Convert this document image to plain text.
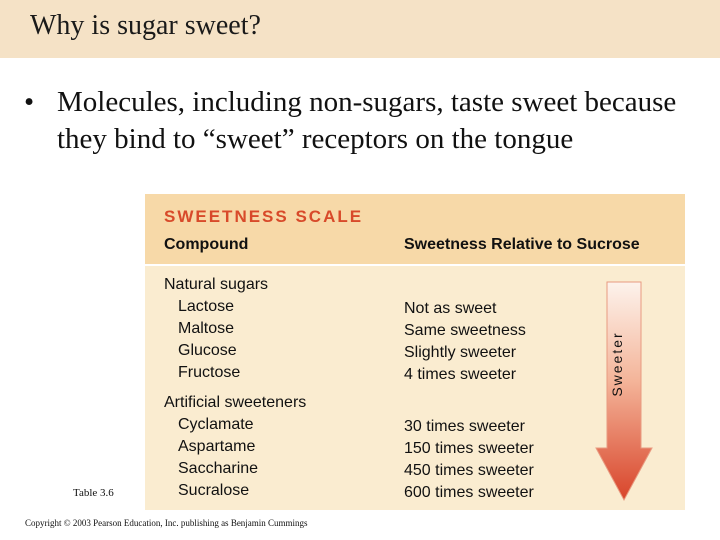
Why is sugar sweet?
• Molecules, including non-sugars, taste sweet because they bind to “sweet” receptors on the tongue
SWEETNESS SCALE
Compound	Sweetness Relative to Sucrose
Natural sugars
Lactose	Not as sweet
Maltose	Same sweetness
Glucose	Slightly sweeter
Fructose	4 times sweeter
Artificial sweeteners
Cyclamate	30 times sweeter
Aspartame	150 times sweeter
Saccharine	450 times sweeter
Sucralose	600 times sweeter
Sweeter
Table 3.6
Copyright © 2003 Pearson Education, Inc. publishing as Benjamin Cummings
